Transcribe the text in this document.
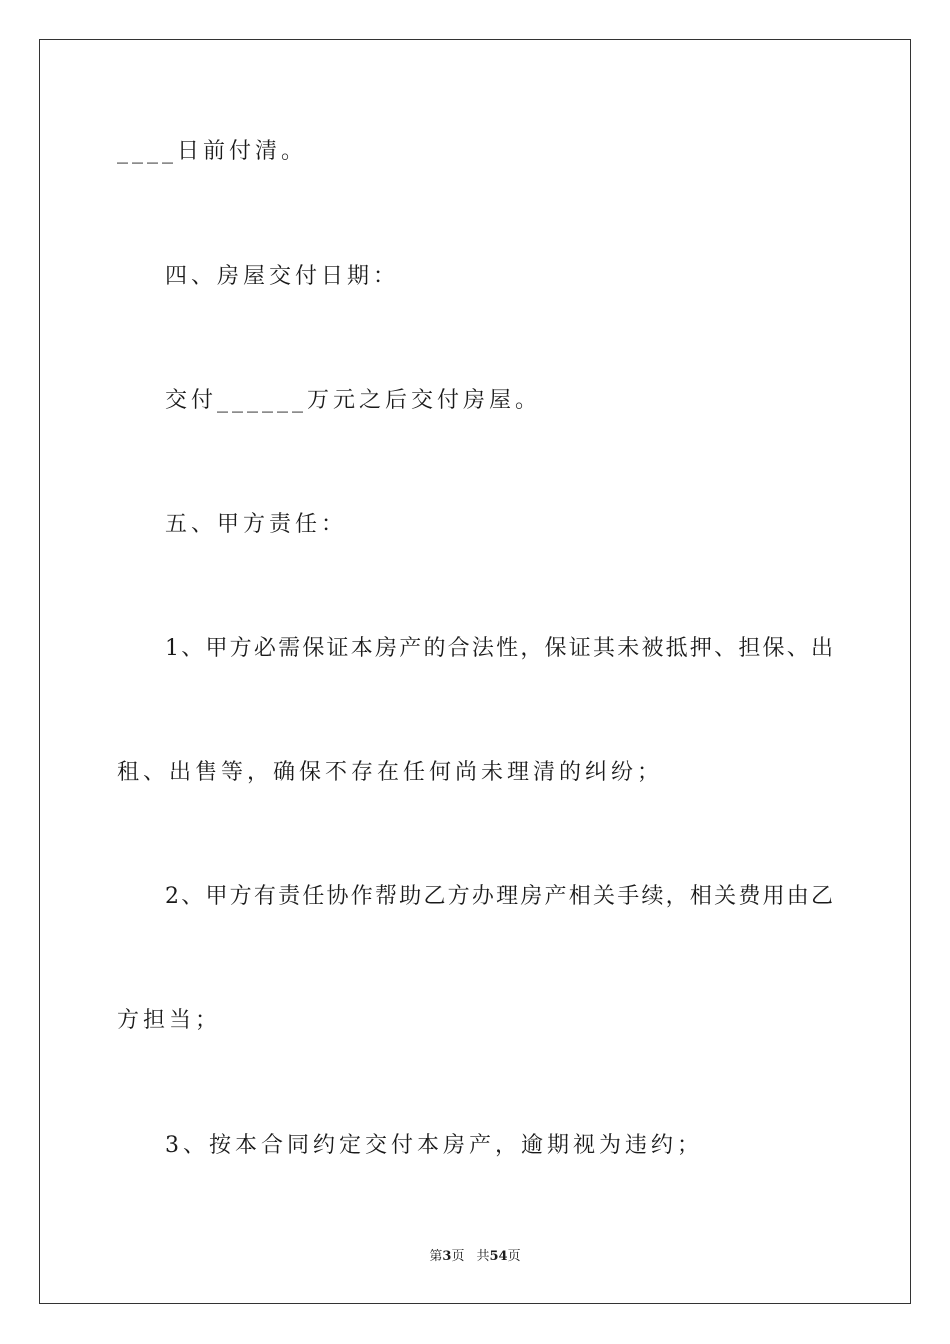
____日前付清。
四、房屋交付日期：
交付______万元之后交付房屋。
五、甲方责任：
1、甲方必需保证本房产的合法性，保证其未被抵押、担保、出
租、出售等，确保不存在任何尚未理清的纠纷；
2、甲方有责任协作帮助乙方办理房产相关手续，相关费用由乙
方担当；
3、按本合同约定交付本房产，逾期视为违约；
第3页 共54页
